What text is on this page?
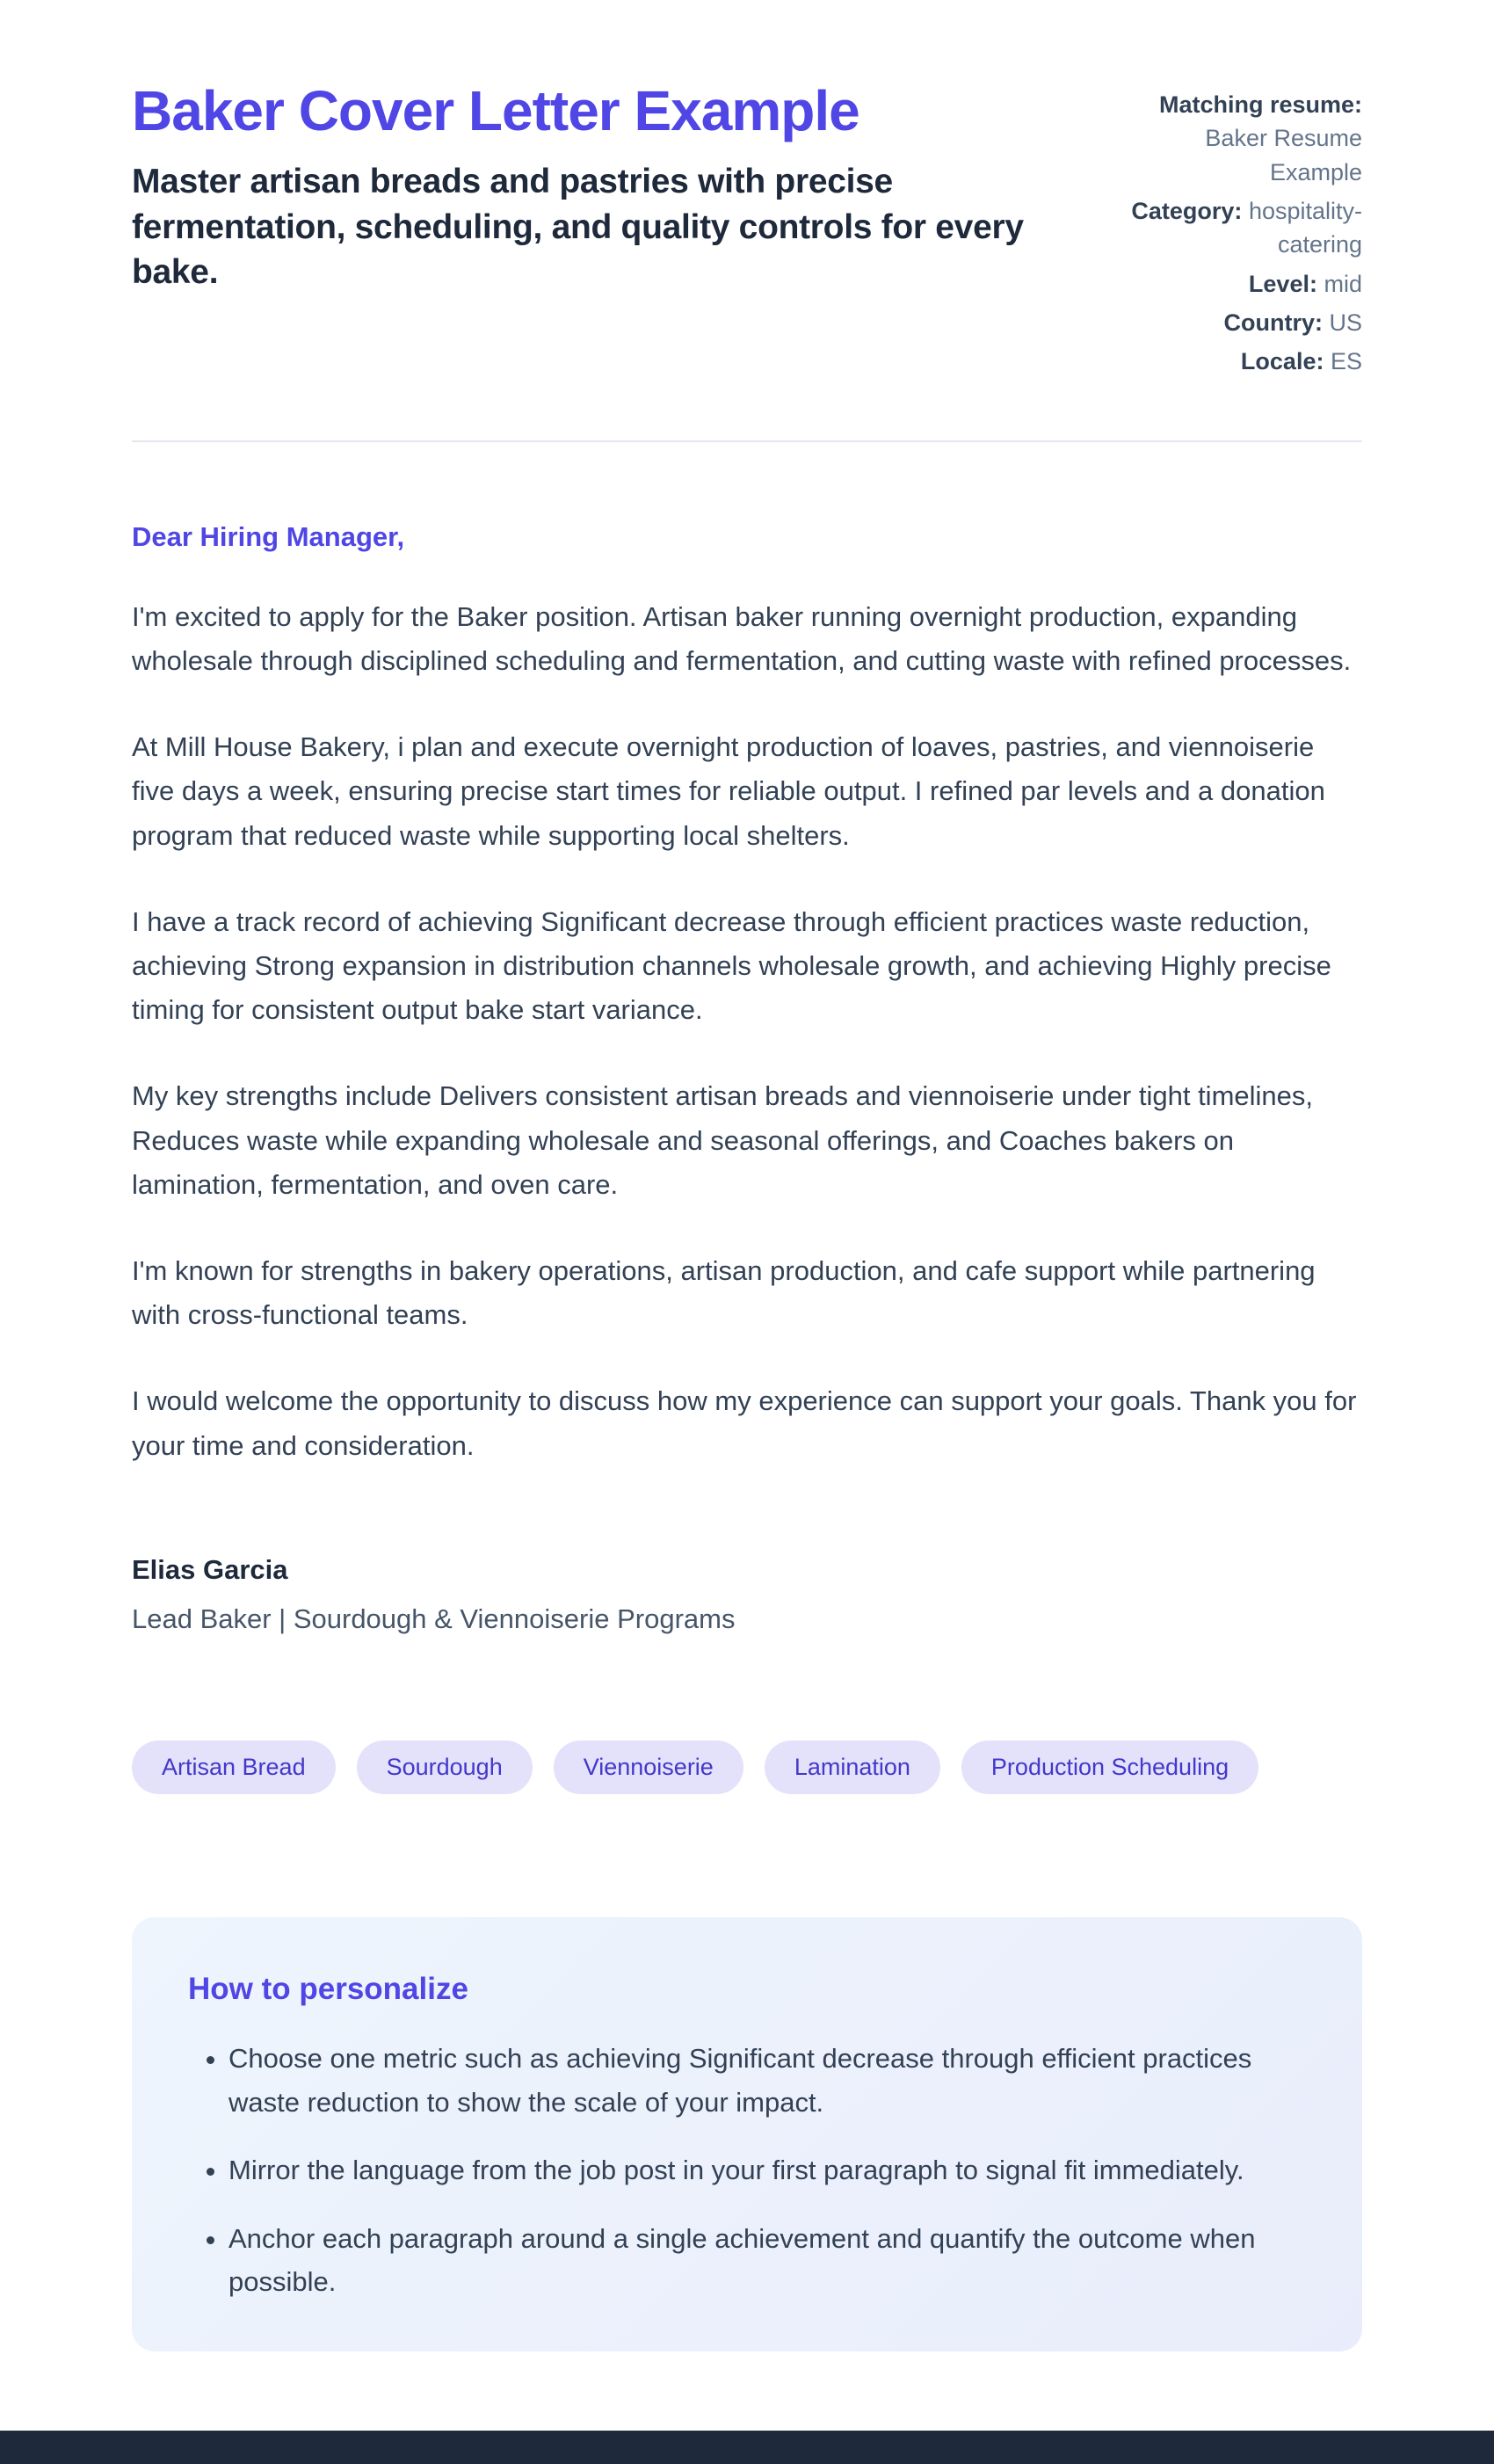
Baker Cover Letter Example
Master artisan breads and pastries with precise fermentation, scheduling, and quality controls for every bake.
Matching resume: Baker Resume Example
Category: hospitality-catering
Level: mid
Country: US
Locale: ES
Dear Hiring Manager,

I'm excited to apply for the Baker position. Artisan baker running overnight production, expanding wholesale through disciplined scheduling and fermentation, and cutting waste with refined processes.

At Mill House Bakery, i plan and execute overnight production of loaves, pastries, and viennoiserie five days a week, ensuring precise start times for reliable output. I refined par levels and a donation program that reduced waste while supporting local shelters.

I have a track record of achieving Significant decrease through efficient practices waste reduction, achieving Strong expansion in distribution channels wholesale growth, and achieving Highly precise timing for consistent output bake start variance.

My key strengths include Delivers consistent artisan breads and viennoiserie under tight timelines, Reduces waste while expanding wholesale and seasonal offerings, and Coaches bakers on lamination, fermentation, and oven care.

I'm known for strengths in bakery operations, artisan production, and cafe support while partnering with cross-functional teams.

I would welcome the opportunity to discuss how my experience can support your goals. Thank you for your time and consideration.

Elias Garcia
Lead Baker | Sourdough & Viennoiserie Programs
Artisan Bread	Sourdough	Viennoiserie	Lamination	Production Scheduling
How to personalize
• Choose one metric such as achieving Significant decrease through efficient practices waste reduction to show the scale of your impact.
• Mirror the language from the job post in your first paragraph to signal fit immediately.
• Anchor each paragraph around a single achievement and quantify the outcome when possible.
